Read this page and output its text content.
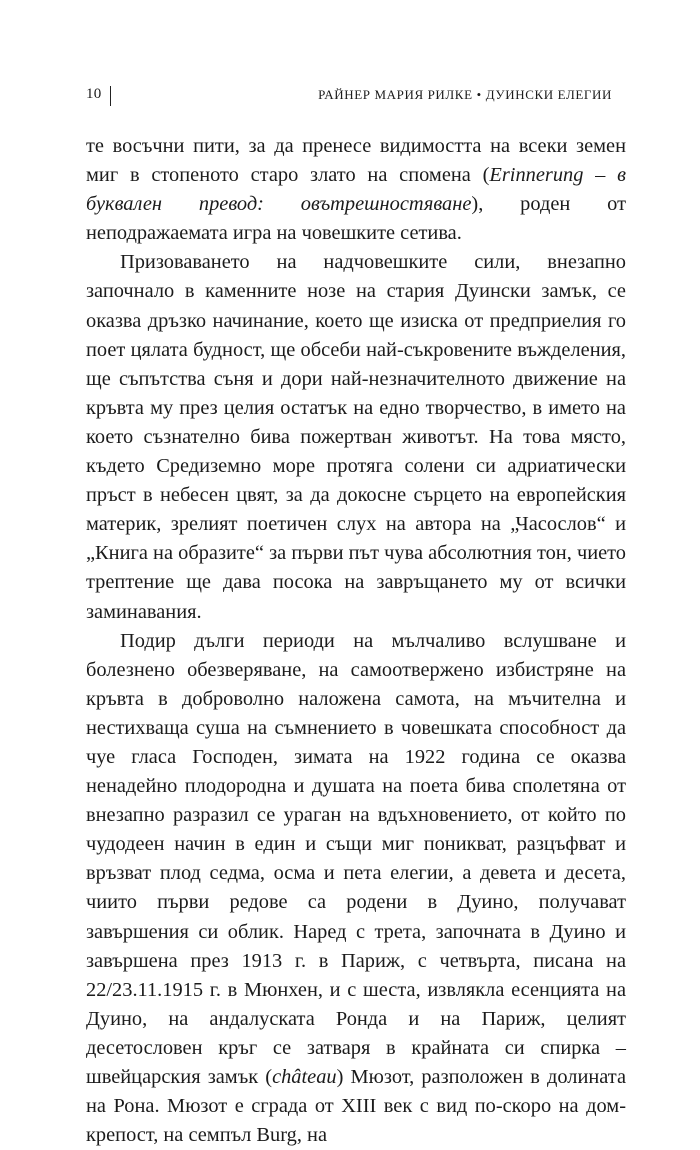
10	РАЙНЕР МАРИЯ РИЛКЕ • ДУИНСКИ ЕЛЕГИИ

те восъчни пити, за да пренесе видимостта на всеки земен миг в стопеното старо злато на спомена (Erinnerung – в буквален превод: овътрешностяване), роден от неподражаемата игра на човешките сетива.

Призоваването на надчовешките сили, внезапно започнало в каменните нозе на стария Дуински замък, се оказва дръзко начинание, което ще изиска от предприелия го поет цялата будност, ще обсеби най-съкровените въжделения, ще съпътства съня и дори най-незначителното движение на кръвта му през целия остатък на едно творчество, в името на което съзнателно бива пожертван животът. На това място, където Средиземно море протяга солени си адриатически пръст в небесен цвят, за да докосне сърцето на европейския материк, зрелият поетичен слух на автора на „Часослов“ и „Книга на образите“ за първи път чува абсолютния тон, чието трептение ще дава посока на завръщането му от всички заминавания.

Подир дълги периоди на мълчаливо вслушване и болезнено обезверяване, на самоотвержено избистряне на кръвта в доброволно наложена самота, на мъчителна и нестихваща суша на съмнението в човешката способност да чуе гласа Господен, зимата на 1922 година се оказва ненадейно плодородна и душата на поета бива сполетяна от внезапно разразил се ураган на вдъхновението, от който по чудодеен начин в един и същи миг поникват, разцъфват и връзват плод седма, осма и пета елегии, а девета и десета, чиито първи редове са родени в Дуино, получават завършения си облик. Наред с трета, започната в Дуино и завършена през 1913 г. в Париж, с четвърта, писана на 22/23.11.1915 г. в Мюнхен, и с шеста, извлякла есенцията на Дуино, на андалуската Ронда и на Париж, целият десетословен кръг се затваря в крайната си спирка – швейцарския замък (château) Мюзот, разположен в долината на Рона. Мюзот е сграда от XIII век с вид по-скоро на дом-крепост, на семпъл Burg, на
